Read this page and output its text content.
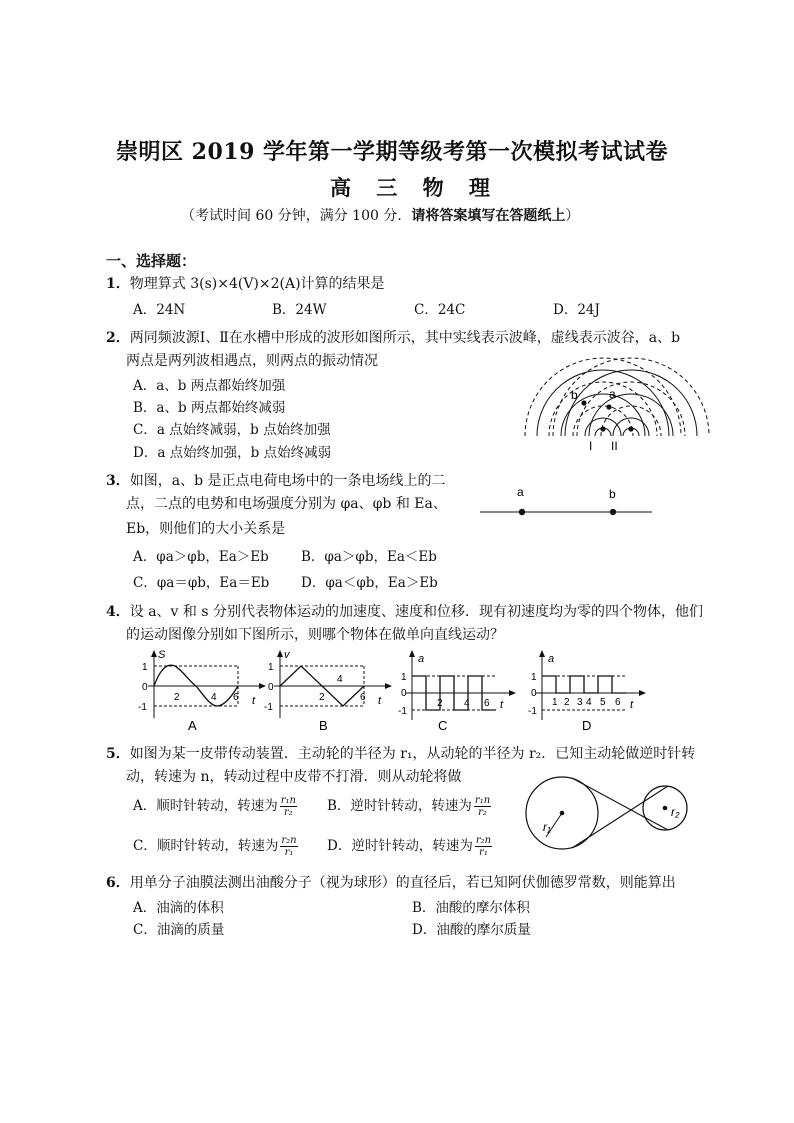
崇明区 2019 学年第一学期等级考第一次模拟考试试卷
高 三 物 理
（考试时间 60 分钟，满分 100 分．请将答案填写在答题纸上）
一、选择题：
1．物理算式 3(s)×4(V)×2(A)计算的结果是
A．24N	B．24W	C．24C	D．24J
2．两同频波源Ⅰ、Ⅱ在水槽中形成的波形如图所示，其中实线表示波峰，虚线表示波谷，a、b
两点是两列波相遇点，则两点的振动情况
A．a、b 两点都始终加强
B．a、b 两点都始终减弱
C．a 点始终减弱，b 点始终加强
D．a 点始终加强，b 点始终减弱
a
b
I II
3．如图，a、b 是正点电荷电场中的一条电场线上的二
点，二点的电势和电场强度分别为 φa、φb 和 Ea、
Eb，则他们的大小关系是
A．φa＞φb，Ea＞Eb B．φa＞φb，Ea＜Eb
C．φa＝φb，Ea＝Eb D．φa＜φb，Ea＞Eb
a	b
4．设 a、v 和 s 分别代表物体运动的加速度、速度和位移．现有初速度均为零的四个物体，他们
的运动图像分别如下图所示，则哪个物体在做单向直线运动？
S
t
1
0
-1
2	4 6
A
v
t
1
0
-1
2
4
6
B
a
t
1
0
-1
2 4 6
C
a
t
1
0
-1
1 2 3 4 5 6
D
5．如图为某一皮带传动装置．主动轮的半径为 r₁，从动轮的半径为 r₂．已知主动轮做逆时针转
动，转速为 n，转动过程中皮带不打滑．则从动轮将做
A．顺时针转动，转速为 $\frac{\text{r₁n}}{\text{r₂}}$ B．逆时针转动，转速为 $\frac{\text{r₁n}}{\text{r₂}}$
C．顺时针转动，转速为 $\frac{\text{r₂n}}{\text{r₁}}$ D．逆时针转动，转速为 $\frac{\text{r₂n}}{\text{r₁}}$
r₁
r₂
6．用单分子油膜法测出油酸分子（视为球形）的直径后，若已知阿伏伽德罗常数，则能算出
A．油滴的体积	B．油酸的摩尔体积
C．油滴的质量	D．油酸的摩尔质量
